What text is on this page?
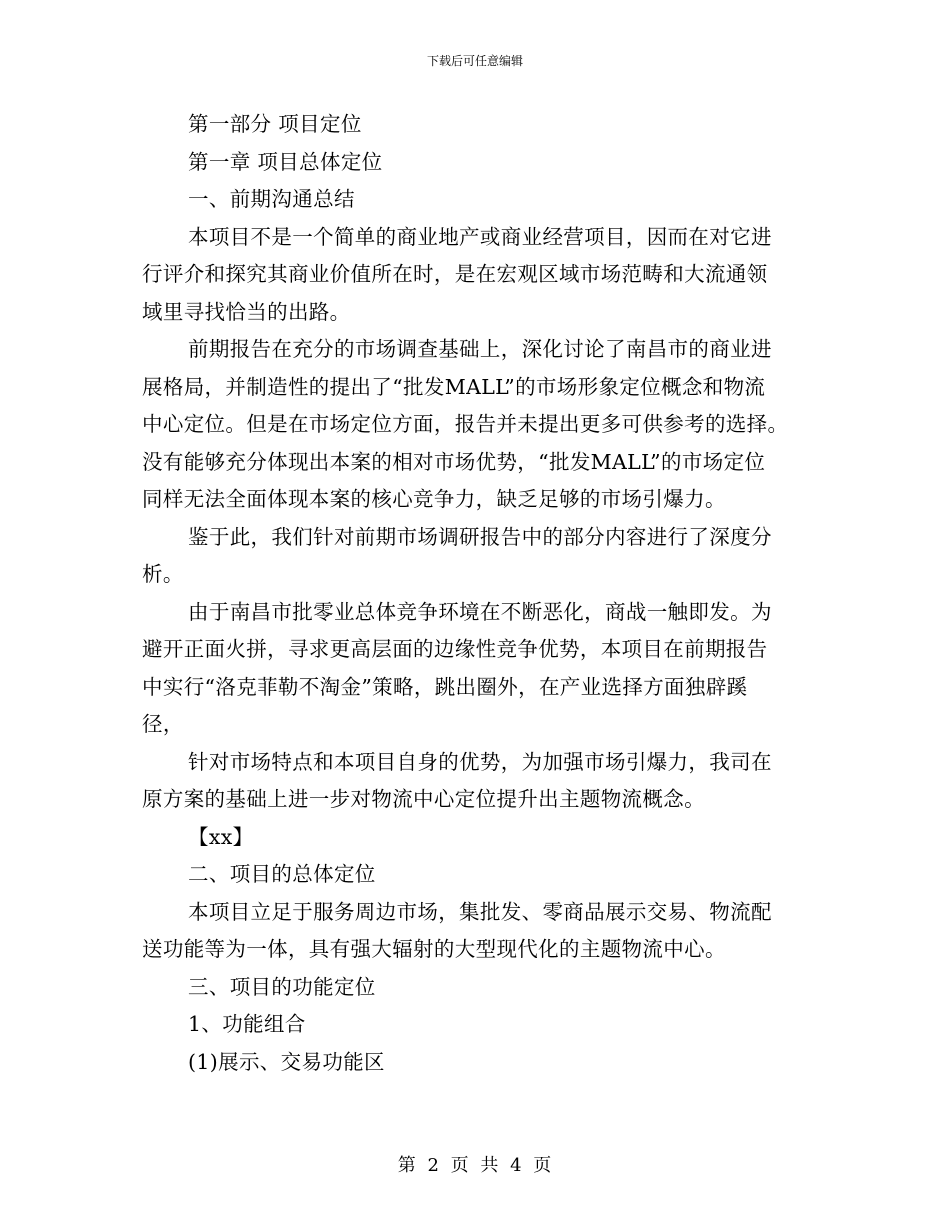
下载后可任意编辑

第一部分 项目定位

第一章 项目总体定位

一、前期沟通总结

本项目不是一个简单的商业地产或商业经营项目，因而在对它进
行评介和探究其商业价值所在时，是在宏观区域市场范畴和大流通领
域里寻找恰当的出路。

前期报告在充分的市场调查基础上，深化讨论了南昌市的商业进
展格局，并制造性的提出了“批发MALL”的市场形象定位概念和物流
中心定位。但是在市场定位方面，报告并未提出更多可供参考的选择。
没有能够充分体现出本案的相对市场优势，“批发MALL”的市场定位
同样无法全面体现本案的核心竞争力，缺乏足够的市场引爆力。

鉴于此，我们针对前期市场调研报告中的部分内容进行了深度分
析。

由于南昌市批零业总体竞争环境在不断恶化，商战一触即发。为
避开正面火拼，寻求更高层面的边缘性竞争优势，本项目在前期报告
中实行“洛克菲勒不淘金”策略，跳出圈外，在产业选择方面独辟蹊
径，

针对市场特点和本项目自身的优势，为加强市场引爆力，我司在
原方案的基础上进一步对物流中心定位提升出主题物流概念。

【xx】

二、项目的总体定位

本项目立足于服务周边市场，集批发、零商品展示交易、物流配
送功能等为一体，具有强大辐射的大型现代化的主题物流中心。

三、项目的功能定位

1、功能组合

(1)展示、交易功能区

第 2 页 共 4 页
